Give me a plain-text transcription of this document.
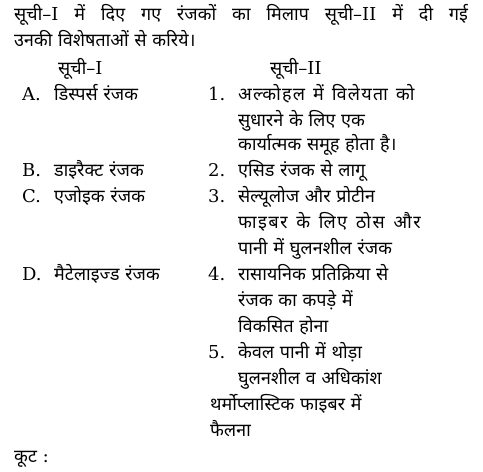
सूची–I में दिए गए रंजकों का मिलाप सूची–II में दी गई
उनकी विशेषताओं से करिये।
सूची–I	सूची–II
A. डिस्पर्स रंजक
B. डाइरैक्ट रंजक
C. एजोइक रंजक
D. मैटेलाइज्ड रंजक
1. अल्कोहल में विलेयता को
सुधारने के लिए एक
कार्यात्मक समूह होता है।
2. एसिड रंजक से लागू
3. सेल्यूलोज और प्रोटीन
फाइबर के लिए ठोस और
पानी में घुलनशील रंजक
4. रासायनिक प्रतिक्रिया से
रंजक का कपड़े में
विकसित होना
5. केवल पानी में थोड़ा
घुलनशील व अधिकांश
थर्मोप्लास्टिक फाइबर में
फैलना
कूट :
